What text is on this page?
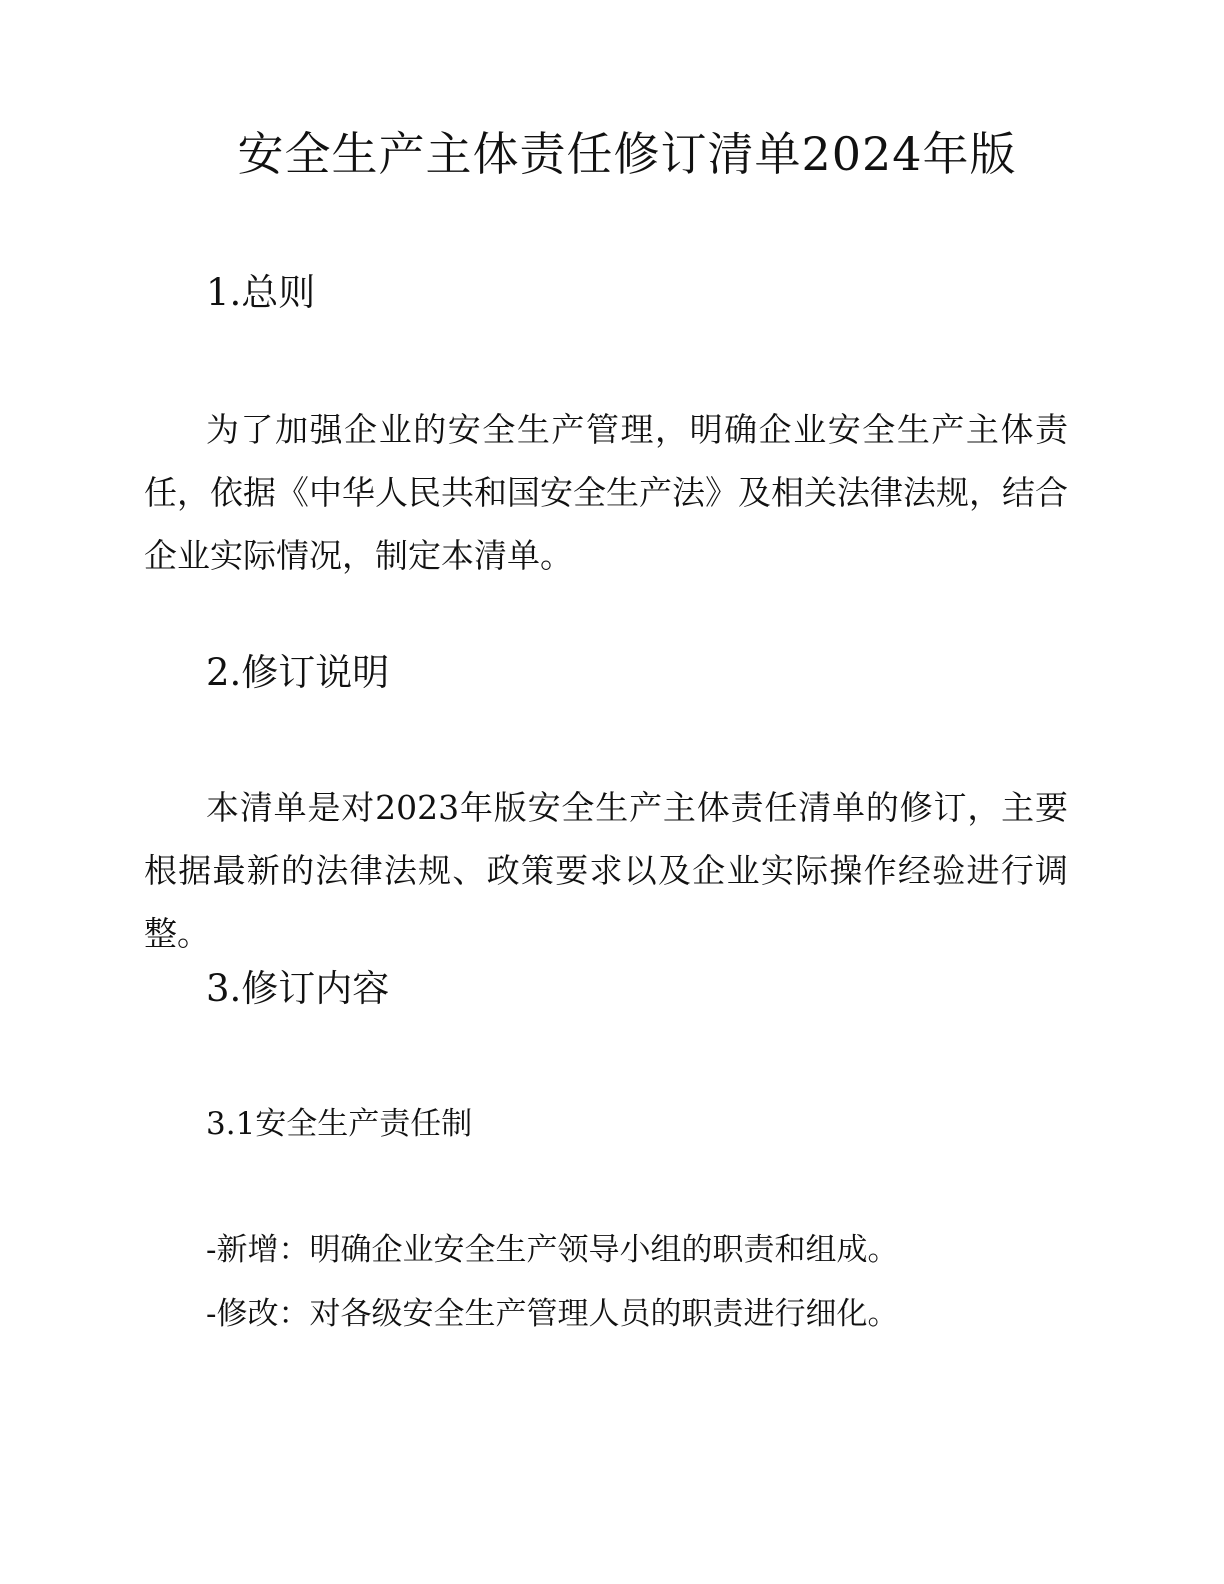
安全生产主体责任修订清单2024年版
1.总则

为了加强企业的安全生产管理，明确企业安全生产主体责任，依据《中华人民共和国安全生产法》及相关法律法规，结合企业实际情况，制定本清单。

2.修订说明

本清单是对2023年版安全生产主体责任清单的修订，主要根据最新的法律法规、政策要求以及企业实际操作经验进行调整。

3.修订内容
3.1安全生产责任制
-新增：明确企业安全生产领导小组的职责和组成。
-修改：对各级安全生产管理人员的职责进行细化。
